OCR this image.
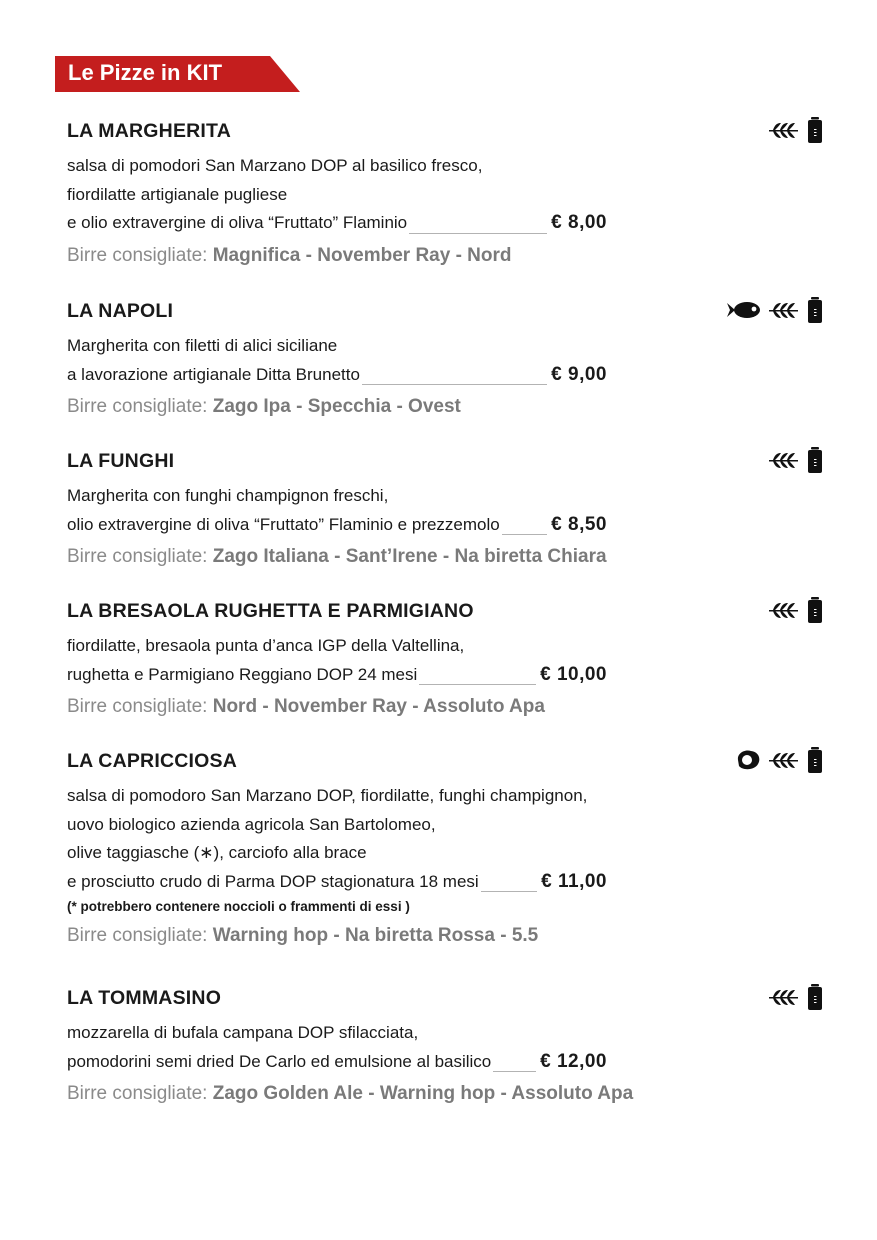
Le Pizze in KIT
LA MARGHERITA
salsa di pomodori San Marzano DOP al basilico fresco,
fiordilatte artigianale pugliese
e olio extravergine di oliva “Fruttato” Flaminio	€ 8,00
Birre consigliate: Magnifica - November Ray - Nord
LA NAPOLI
Margherita con filetti di alici siciliane
a lavorazione artigianale Ditta Brunetto	€ 9,00
Birre consigliate: Zago Ipa - Specchia - Ovest
LA FUNGHI
Margherita con funghi champignon freschi,
olio extravergine di oliva “Fruttato” Flaminio e prezzemolo	€ 8,50
Birre consigliate: Zago Italiana - Sant’Irene - Na biretta Chiara
LA BRESAOLA RUGHETTA E PARMIGIANO
fiordilatte, bresaola punta d’anca IGP della Valtellina,
rughetta e Parmigiano Reggiano DOP 24 mesi	€ 10,00
Birre consigliate: Nord - November Ray - Assoluto Apa
LA CAPRICCIOSA
salsa di pomodoro San Marzano DOP, fiordilatte, funghi champignon,
uovo biologico azienda agricola San Bartolomeo,
olive taggiasche (∗), carciofo alla brace
e prosciutto crudo di Parma DOP stagionatura 18 mesi	€ 11,00
(* potrebbero contenere noccioli o frammenti di essi )
Birre consigliate: Warning hop - Na biretta Rossa - 5.5
LA TOMMASINO
mozzarella di bufala campana DOP sfilacciata,
pomodorini semi dried De Carlo ed emulsione al basilico	€ 12,00
Birre consigliate: Zago Golden Ale - Warning hop - Assoluto Apa
